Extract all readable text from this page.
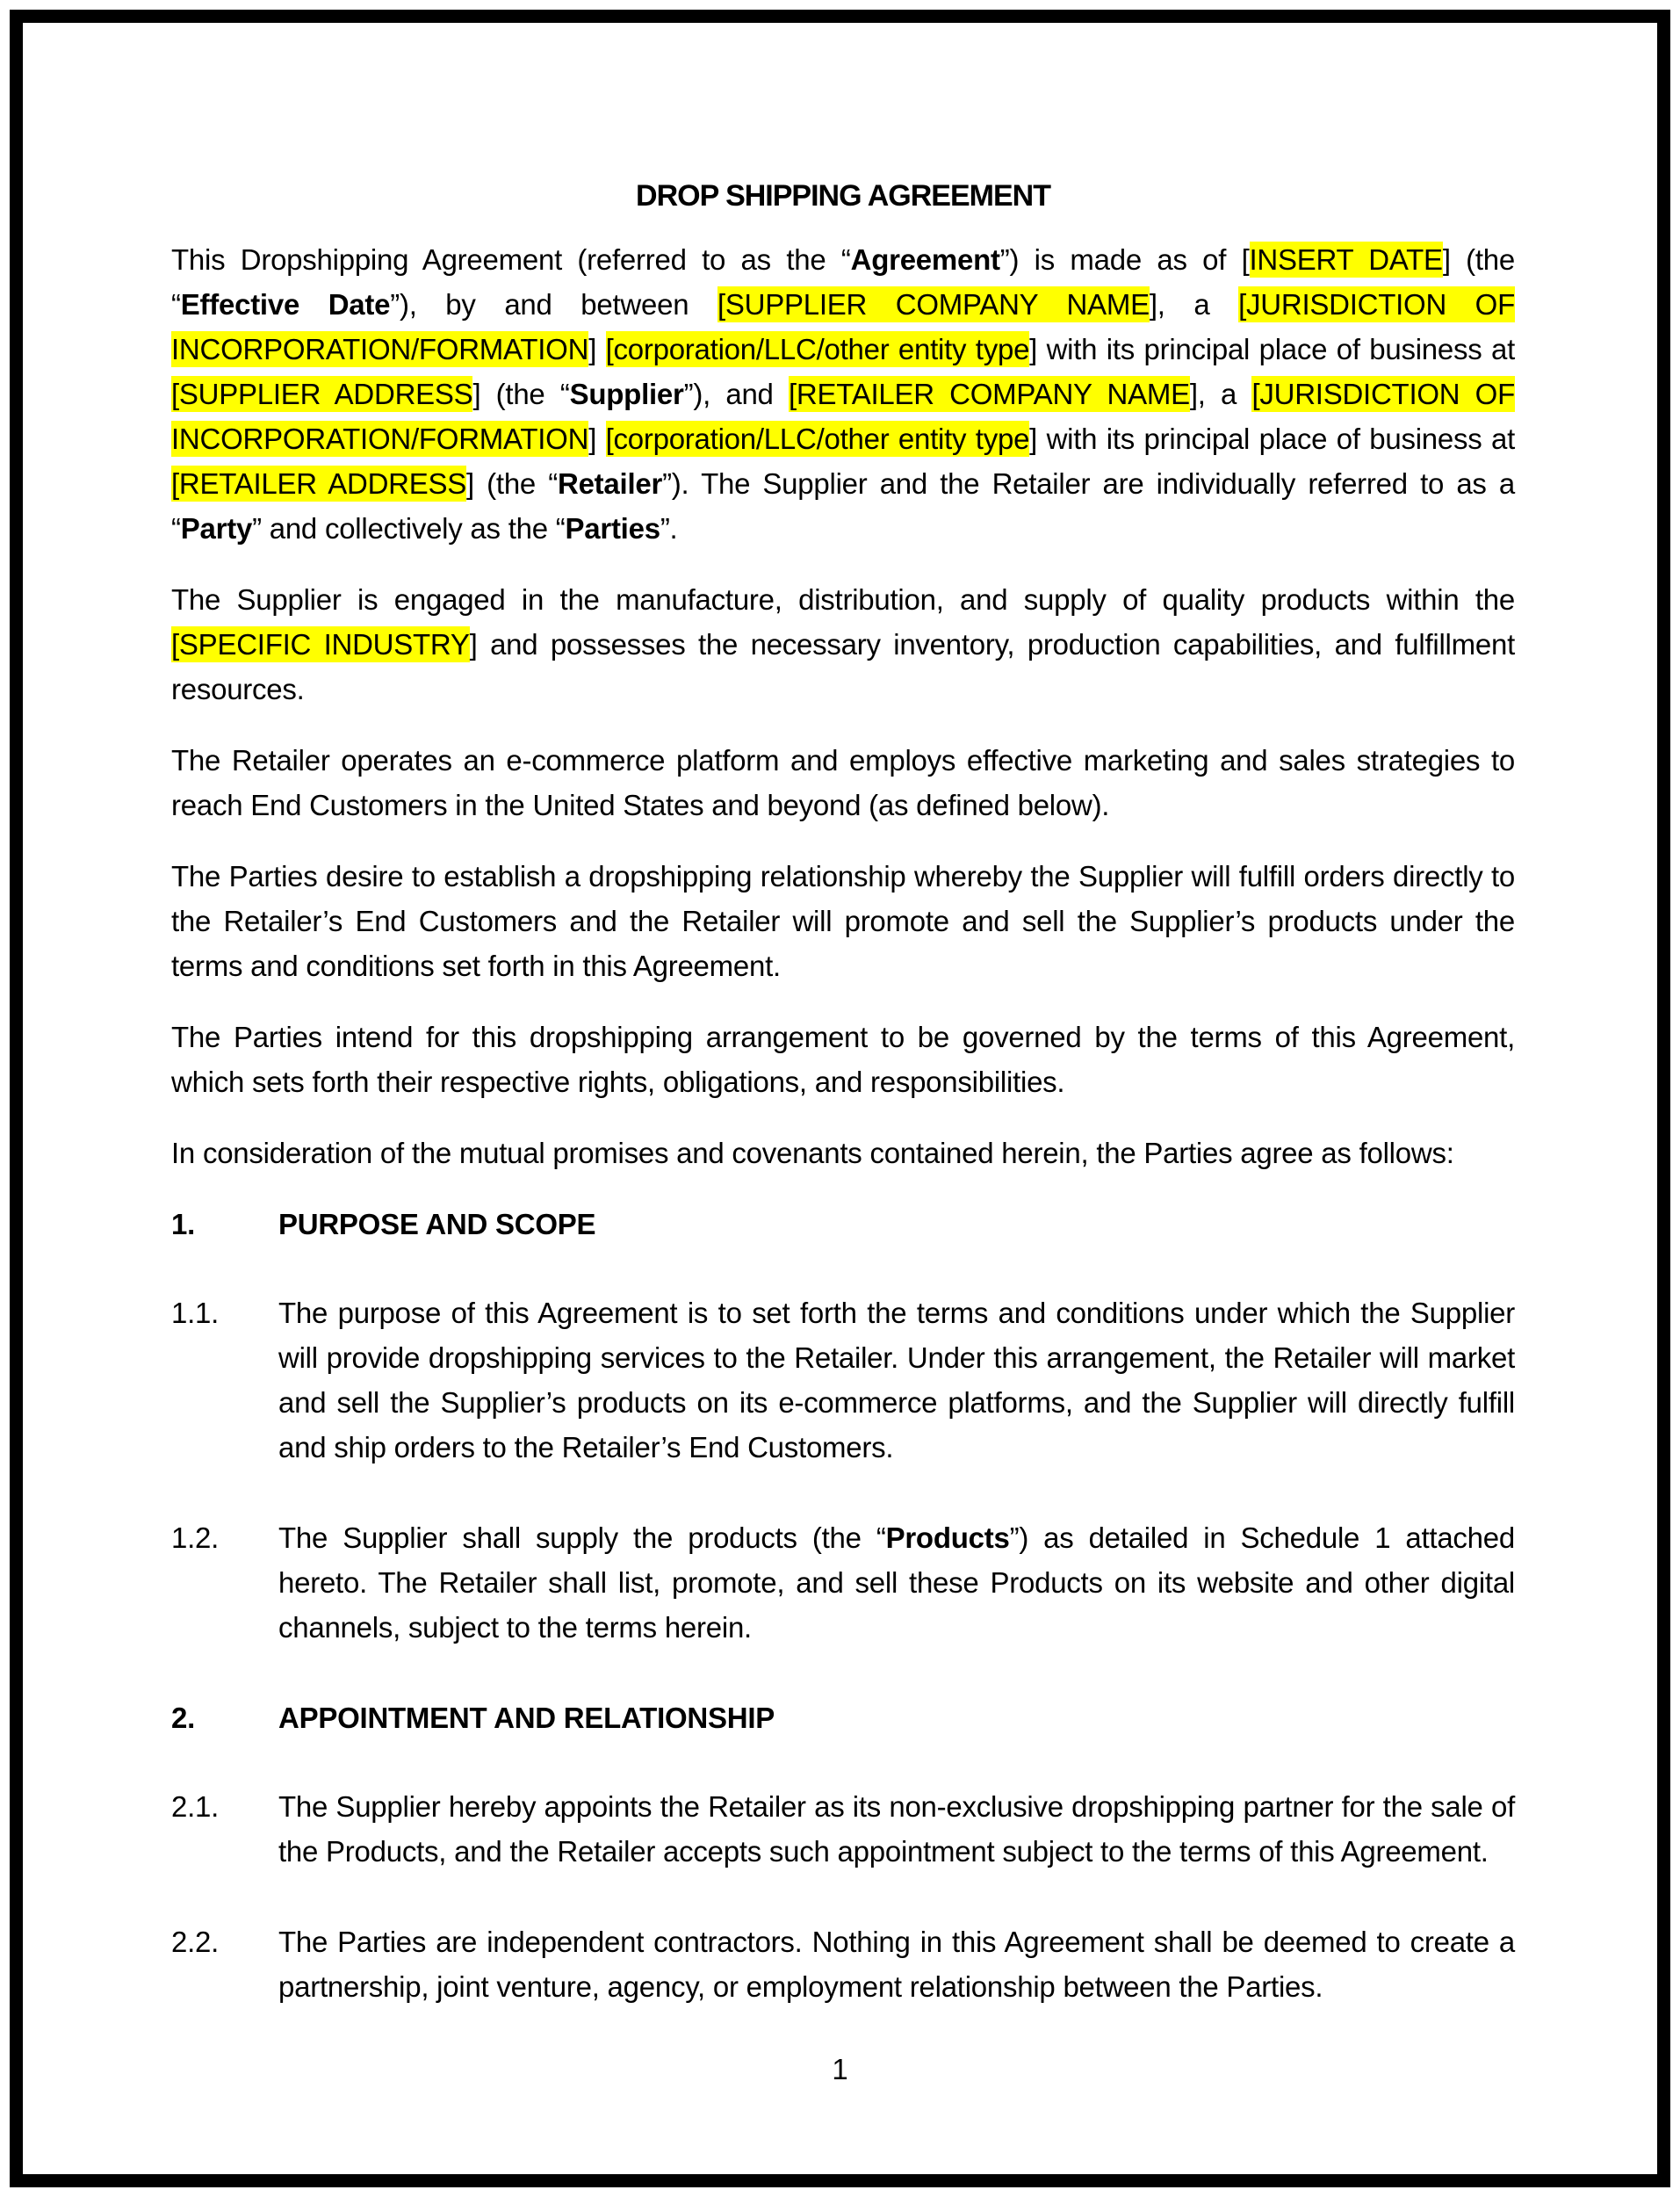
DROP SHIPPING AGREEMENT
This Dropshipping Agreement (referred to as the “Agreement”) is made as of [INSERT DATE] (the “Effective Date”), by and between [SUPPLIER COMPANY NAME], a [JURISDICTION OF INCORPORATION/FORMATION] [corporation/LLC/other entity type] with its principal place of business at [SUPPLIER ADDRESS] (the “Supplier”), and [RETAILER COMPANY NAME], a [JURISDICTION OF INCORPORATION/FORMATION] [corporation/LLC/other entity type] with its principal place of business at [RETAILER ADDRESS] (the “Retailer”). The Supplier and the Retailer are individually referred to as a “Party” and collectively as the “Parties”.
The Supplier is engaged in the manufacture, distribution, and supply of quality products within the [SPECIFIC INDUSTRY] and possesses the necessary inventory, production capabilities, and fulfillment resources.
The Retailer operates an e-commerce platform and employs effective marketing and sales strategies to reach End Customers in the United States and beyond (as defined below).
The Parties desire to establish a dropshipping relationship whereby the Supplier will fulfill orders directly to the Retailer’s End Customers and the Retailer will promote and sell the Supplier’s products under the terms and conditions set forth in this Agreement.
The Parties intend for this dropshipping arrangement to be governed by the terms of this Agreement, which sets forth their respective rights, obligations, and responsibilities.
In consideration of the mutual promises and covenants contained herein, the Parties agree as follows:
1.	PURPOSE AND SCOPE
1.1. The purpose of this Agreement is to set forth the terms and conditions under which the Supplier will provide dropshipping services to the Retailer. Under this arrangement, the Retailer will market and sell the Supplier’s products on its e-commerce platforms, and the Supplier will directly fulfill and ship orders to the Retailer’s End Customers.
1.2. The Supplier shall supply the products (the “Products”) as detailed in Schedule 1 attached hereto. The Retailer shall list, promote, and sell these Products on its website and other digital channels, subject to the terms herein.
2.	APPOINTMENT AND RELATIONSHIP
2.1. The Supplier hereby appoints the Retailer as its non-exclusive dropshipping partner for the sale of the Products, and the Retailer accepts such appointment subject to the terms of this Agreement.
2.2. The Parties are independent contractors. Nothing in this Agreement shall be deemed to create a partnership, joint venture, agency, or employment relationship between the Parties.
1
